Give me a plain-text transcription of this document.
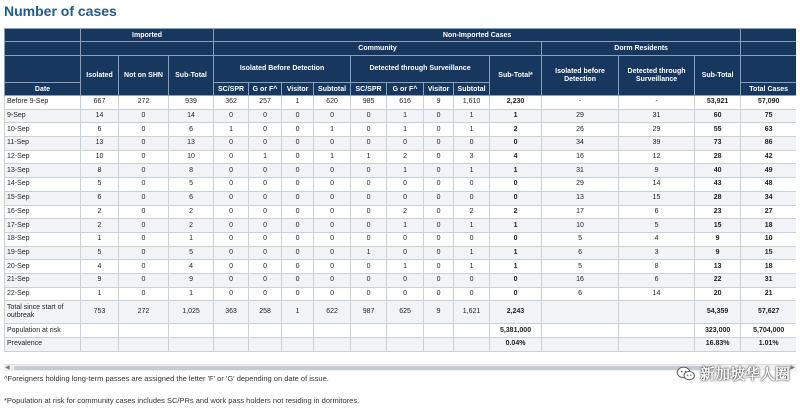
Number of cases
	Imported			Non-Imported Cases												
				Community									Dorm Residents			
	Isolated	Not on SHN	Sub-Total	Isolated Before Detection				Detected through Surveillance				Sub-Total*	Isolated before Detection	Detected through Surveillance	Sub-Total	
Date				SC/SPR	G or F^	Visitor	Subtotal	SC/SPR	G or F^	Visitor	Subtotal					Total Cases
Before 9-Sep	667	272	939	362	257	1	620	985	616	9	1,610	2,230	-	-	53,921	57,090
9-Sep	14	0	14	0	0	0	0	0	1	0	1	1	29	31	60	75
10-Sep	6	0	6	1	0	0	1	0	1	0	1	2	26	29	55	63
11-Sep	13	0	13	0	0	0	0	0	0	0	0	0	34	39	73	86
12-Sep	10	0	10	0	1	0	1	1	2	0	3	4	16	12	28	42
13-Sep	8	0	8	0	0	0	0	0	1	0	1	1	31	9	40	49
14-Sep	5	0	5	0	0	0	0	0	0	0	0	0	29	14	43	48
15-Sep	6	0	6	0	0	0	0	0	0	0	0	0	13	15	28	34
16-Sep	2	0	2	0	0	0	0	0	2	0	2	2	17	6	23	27
17-Sep	2	0	2	0	0	0	0	0	1	0	1	1	10	5	15	18
18-Sep	1	0	1	0	0	0	0	0	0	0	0	0	5	4	9	10
19-Sep	5	0	5	0	0	0	0	1	0	0	1	1	6	3	9	15
20-Sep	4	0	4	0	0	0	0	0	1	0	1	1	5	8	13	18
21-Sep	9	0	9	0	0	0	0	0	0	0	0	0	16	6	22	31
22-Sep	1	0	1	0	0	0	0	0	0	0	0	0	6	14	20	21
Total since start of outbreak	753	272	1,025	363	258	1	622	987	625	9	1,621	2,243			54,359	57,627
Population at risk												5,381,000			323,000	5,704,000
Prevalence												0.04%			16.83%	1.01%
◀	▶
^Foreigners holding long-term passes are assigned the letter 'F' or 'G' depending on date of issue.
*Population at risk for community cases includes SC/PRs and work pass holders not residing in dormitores.
新加坡华人圈
